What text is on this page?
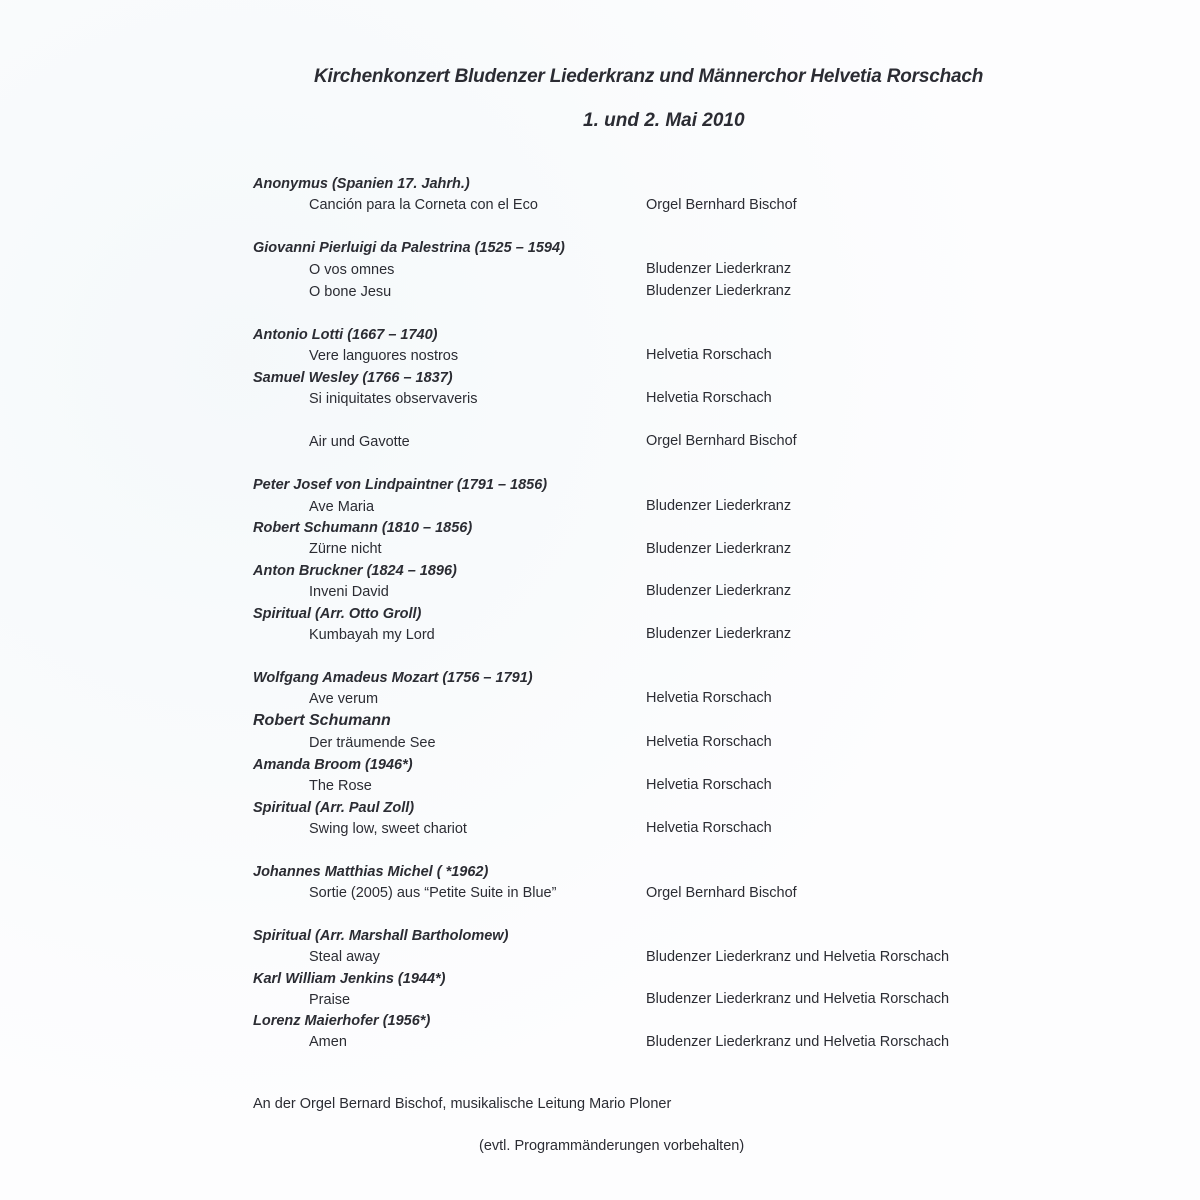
Kirchenkonzert Bludenzer Liederkranz und Männerchor Helvetia Rorschach
1. und 2. Mai 2010
Anonymus (Spanien 17. Jahrh.)
Canción para la Corneta con el Eco	Orgel Bernhard Bischof
Giovanni Pierluigi da Palestrina (1525 – 1594)
O vos omnes	Bludenzer Liederkranz
O bone Jesu	Bludenzer Liederkranz
Antonio Lotti (1667 – 1740)
Vere languores nostros	Helvetia Rorschach
Samuel Wesley (1766 – 1837)
Si iniquitates observaveris	Helvetia Rorschach
Air und Gavotte	Orgel Bernhard Bischof
Peter Josef von Lindpaintner (1791 – 1856)
Ave Maria	Bludenzer Liederkranz
Robert Schumann (1810 – 1856)
Zürne nicht	Bludenzer Liederkranz
Anton Bruckner (1824 – 1896)
Inveni David	Bludenzer Liederkranz
Spiritual (Arr. Otto Groll)
Kumbayah my Lord	Bludenzer Liederkranz
Wolfgang Amadeus Mozart (1756 – 1791)
Ave verum	Helvetia Rorschach
Robert Schumann
Der träumende See	Helvetia Rorschach
Amanda Broom (1946*)
The Rose	Helvetia Rorschach
Spiritual (Arr. Paul Zoll)
Swing low, sweet chariot	Helvetia Rorschach
Johannes Matthias Michel ( *1962)
Sortie (2005) aus “Petite Suite in Blue”	Orgel Bernhard Bischof
Spiritual (Arr. Marshall Bartholomew)
Steal away	Bludenzer Liederkranz und Helvetia Rorschach
Karl William Jenkins (1944*)
Praise	Bludenzer Liederkranz und Helvetia Rorschach
Lorenz Maierhofer (1956*)
Amen	Bludenzer Liederkranz und Helvetia Rorschach
An der Orgel Bernard Bischof, musikalische Leitung Mario Ploner
(evtl. Programmänderungen vorbehalten)
